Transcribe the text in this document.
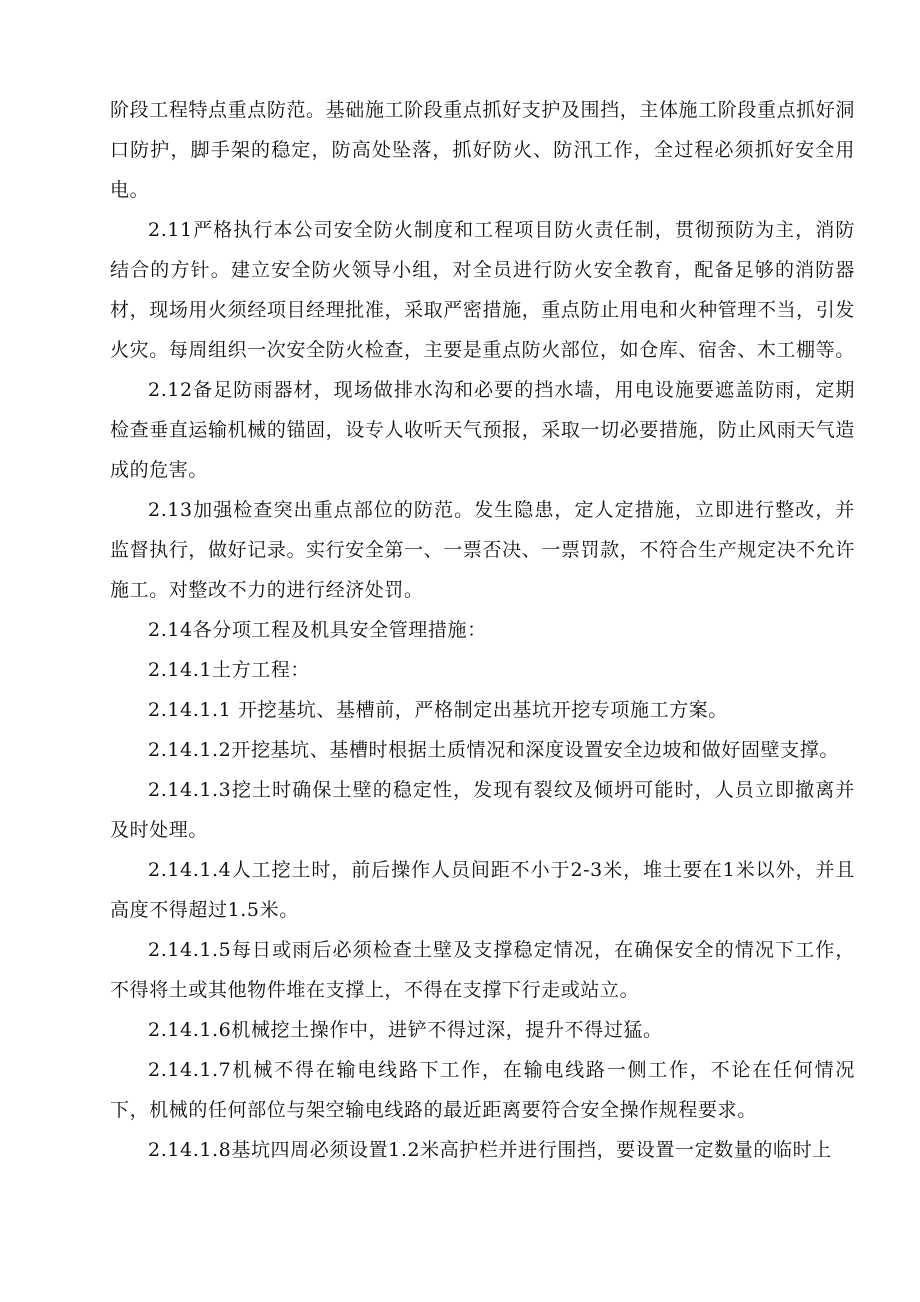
阶段工程特点重点防范。基础施工阶段重点抓好支护及围挡，主体施工阶段重点抓好洞口防护，脚手架的稳定，防高处坠落，抓好防火、防汛工作，全过程必须抓好安全用电。

2.11严格执行本公司安全防火制度和工程项目防火责任制，贯彻预防为主，消防结合的方针。建立安全防火领导小组，对全员进行防火安全教育，配备足够的消防器材，现场用火须经项目经理批准，采取严密措施，重点防止用电和火种管理不当，引发火灾。每周组织一次安全防火检查，主要是重点防火部位，如仓库、宿舍、木工棚等。

2.12备足防雨器材，现场做排水沟和必要的挡水墙，用电设施要遮盖防雨，定期检查垂直运输机械的锚固，设专人收听天气预报，采取一切必要措施，防止风雨天气造成的危害。

2.13加强检查突出重点部位的防范。发生隐患，定人定措施，立即进行整改，并监督执行，做好记录。实行安全第一、一票否决、一票罚款，不符合生产规定决不允许施工。对整改不力的进行经济处罚。

2.14各分项工程及机具安全管理措施：

2.14.1土方工程：

2.14.1.1 开挖基坑、基槽前，严格制定出基坑开挖专项施工方案。

2.14.1.2开挖基坑、基槽时根据土质情况和深度设置安全边坡和做好固壁支撑。

2.14.1.3挖土时确保土壁的稳定性，发现有裂纹及倾坍可能时，人员立即撤离并及时处理。

2.14.1.4人工挖土时，前后操作人员间距不小于2-3米，堆土要在1米以外，并且高度不得超过1.5米。

2.14.1.5每日或雨后必须检查土壁及支撑稳定情况，在确保安全的情况下工作，不得将土或其他物件堆在支撑上，不得在支撑下行走或站立。

2.14.1.6机械挖土操作中，进铲不得过深，提升不得过猛。

2.14.1.7机械不得在输电线路下工作，在输电线路一侧工作，不论在任何情况下，机械的任何部位与架空输电线路的最近距离要符合安全操作规程要求。

2.14.1.8基坑四周必须设置1.2米高护栏并进行围挡，要设置一定数量的临时上
